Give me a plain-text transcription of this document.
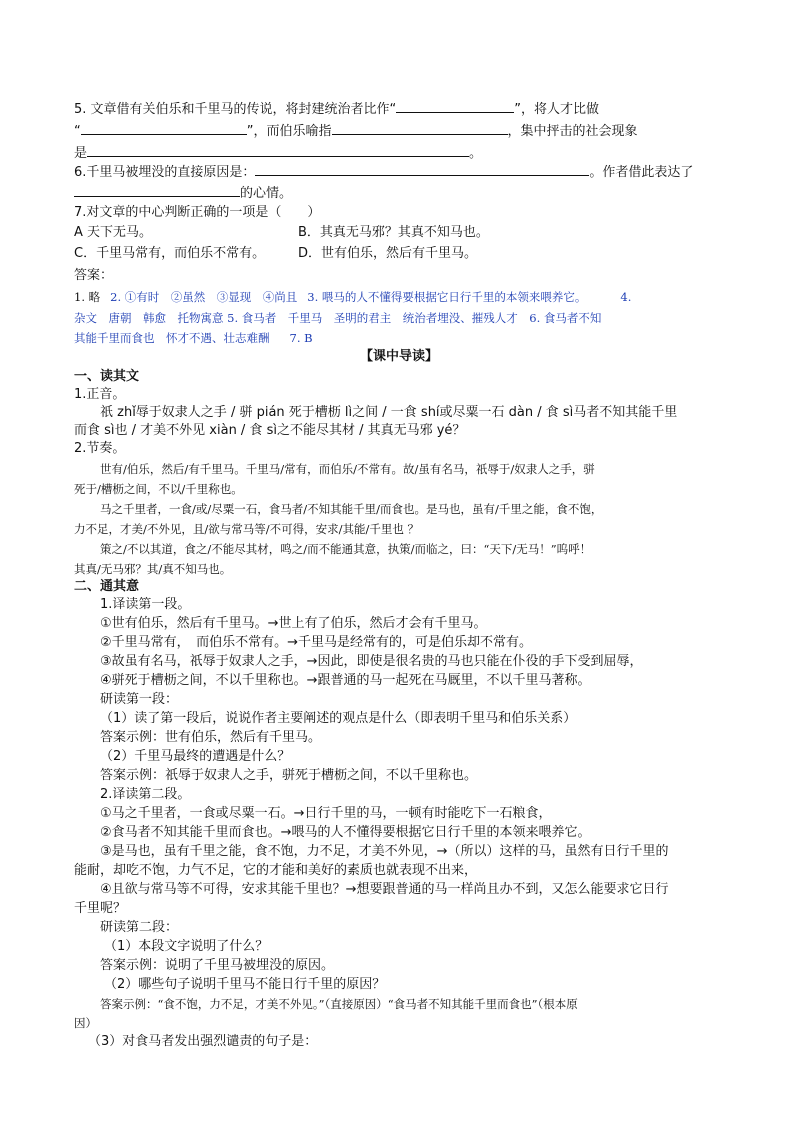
5. 文章借有关伯乐和千里马的传说，将封建统治者比作“	”，将人才比做
“	”，而伯乐喻指	，集中抨击的社会现象
是	。
6.千里马被埋没的直接原因是：	。作者借此表达了
的心情。
7.对文章的中心判断正确的一项是（　　）
A 天下无马。	B．其真无马邪？其真不知马也。
C．千里马常有，而伯乐不常有。	D．世有伯乐，然后有千里马。
答案：
1. 略 2. ①有时　②虽然　③显现　④尚且 3. 喂马的人不懂得要根据它日行千里的本领来喂养它。	4.
杂文　唐朝　韩愈　托物寓意 5. 食马者　千里马　圣明的君主　统治者埋没、摧残人才　6. 食马者不知
其能千里而食也　怀才不遇、壮志难酬 7. B
【课中导读】
一、读其文
1.正音。
祇 zhǐ辱于奴隶人之手 / 骈 pián 死于槽枥 lì之间 / 一食 shí或尽粟一石 dàn / 食 sì马者不知其能千里
而食 sì也 / 才美不外见 xiàn / 食 sì之不能尽其材 / 其真无马邪 yé？
2.节奏。
世有/伯乐，然后/有千里马。千里马/常有，而伯乐/不常有。故/虽有名马，祇辱于/奴隶人之手，骈
死于/槽枥之间，不以/千里称也。
马之千里者，一食/或/尽粟一石，食马者/不知其能千里/而食也。是马也，虽有/千里之能，食不饱，
力不足，才美/不外见，且/欲与常马等/不可得，安求/其能/千里也 ？
策之/不以其道，食之/不能尽其材，鸣之/而不能通其意，执策/而临之，曰：“天下/无马！”呜呼！
其真/无马邪？其/真不知马也。
二、通其意
1.译读第一段。
①世有伯乐，然后有千里马。→世上有了伯乐，然后才会有千里马。
②千里马常有，　而伯乐不常有。→千里马是经常有的，可是伯乐却不常有。
③故虽有名马，祇辱于奴隶人之手，→因此，即使是很名贵的马也只能在仆役的手下受到屈辱，
④骈死于槽枥之间，不以千里称也。→跟普通的马一起死在马厩里，不以千里马著称。
研读第一段：
（1）读了第一段后，说说作者主要阐述的观点是什么（即表明千里马和伯乐关系）
答案示例：世有伯乐，然后有千里马。
（2）千里马最终的遭遇是什么？
答案示例：祇辱于奴隶人之手，骈死于槽枥之间，不以千里称也。
2.译读第二段。
①马之千里者，一食或尽粟一石。→日行千里的马，一顿有时能吃下一石粮食，
②食马者不知其能千里而食也。→喂马的人不懂得要根据它日行千里的本领来喂养它。
③是马也，虽有千里之能，食不饱，力不足，才美不外见，→（所以）这样的马，虽然有日行千里的
能耐，却吃不饱，力气不足，它的才能和美好的素质也就表现不出来，
④且欲与常马等不可得，安求其能千里也？→想要跟普通的马一样尚且办不到，又怎么能要求它日行
千里呢？
研读第二段：
（1）本段文字说明了什么？
答案示例：说明了千里马被埋没的原因。
（2）哪些句子说明千里马不能日行千里的原因？
答案示例：“食不饱，力不足，才美不外见。”（直接原因）“食马者不知其能千里而食也”（根本原
因）
（3）对食马者发出强烈谴责的句子是：
